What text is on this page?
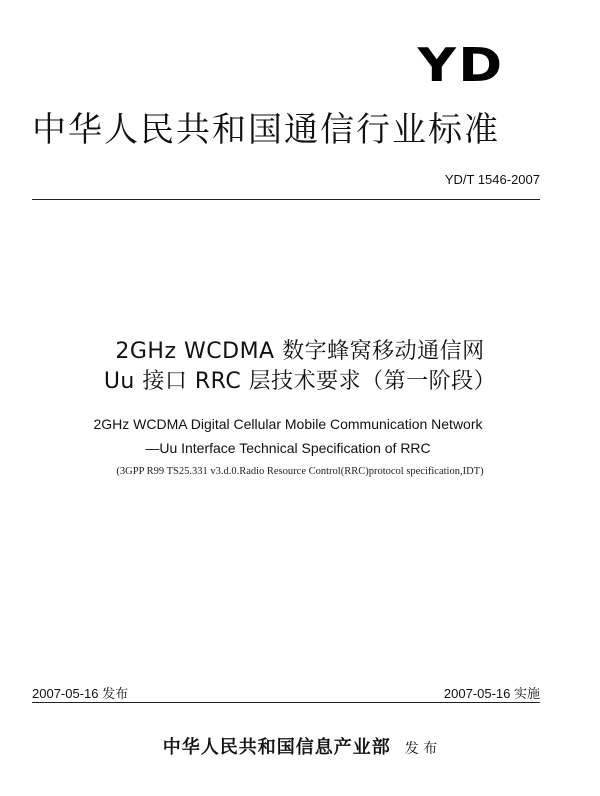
YD
中华人民共和国通信行业标准
YD/T 1546-2007
2GHz WCDMA 数字蜂窝移动通信网
Uu 接口 RRC 层技术要求（第一阶段）
2GHz WCDMA Digital Cellular Mobile Communication Network
—Uu Interface Technical Specification of RRC
(3GPP R99 TS25.331 v3.d.0.Radio Resource Control(RRC)protocol specification,IDT)
2007-05-16 发布	2007-05-16 实施
中华人民共和国信息产业部 发 布
